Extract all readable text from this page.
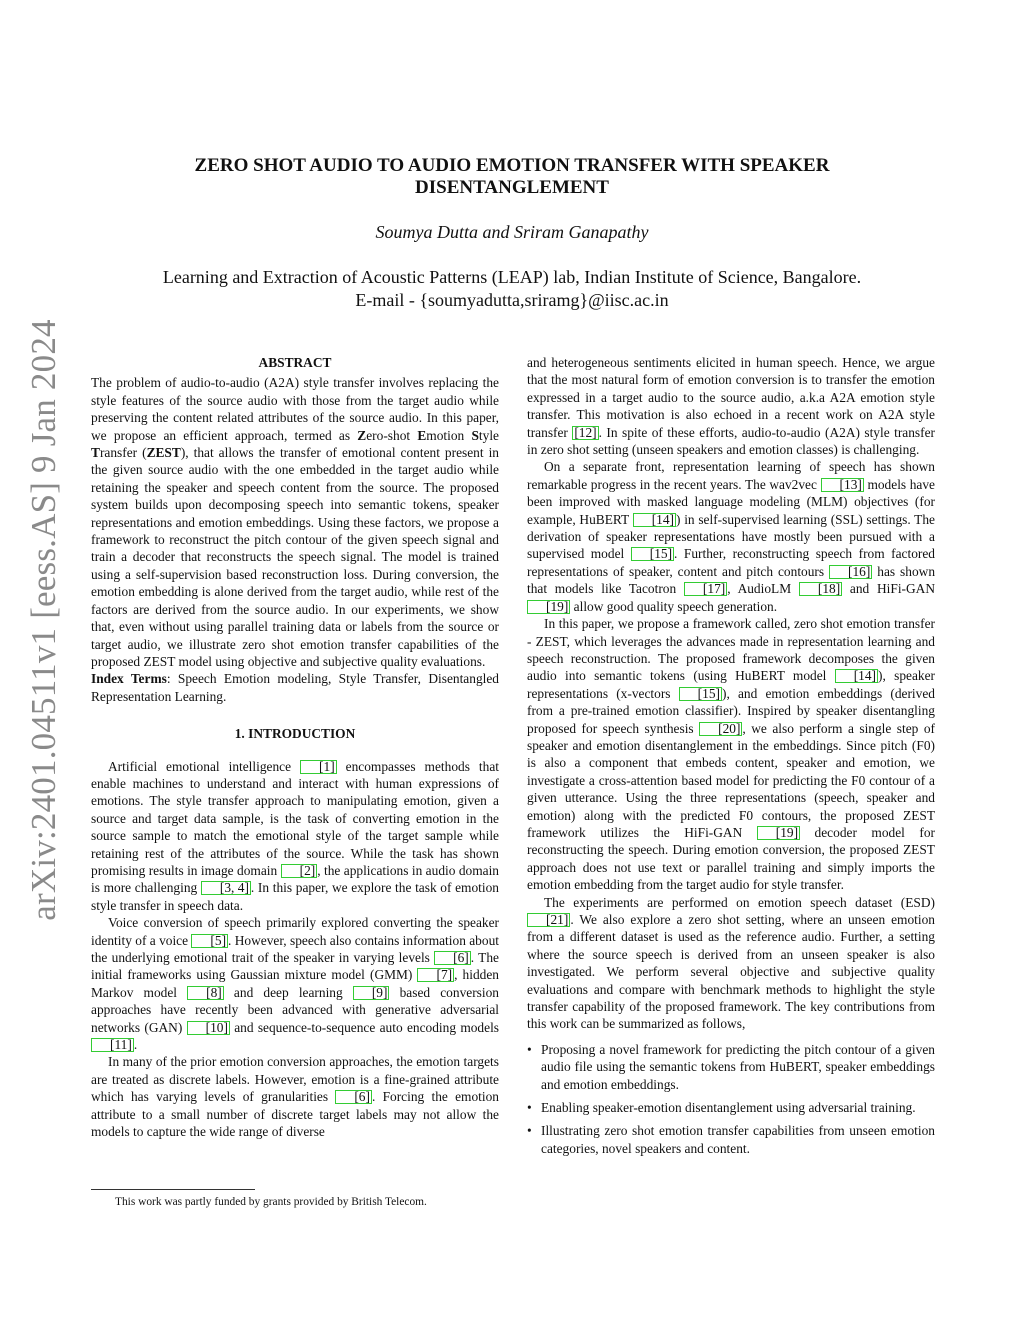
arXiv:2401.04511v1 [eess.AS] 9 Jan 2024
ZERO SHOT AUDIO TO AUDIO EMOTION TRANSFER WITH SPEAKER
DISENTANGLEMENT
Soumya Dutta and Sriram Ganapathy
Learning and Extraction of Acoustic Patterns (LEAP) lab, Indian Institute of Science, Bangalore.
E-mail - {soumyadutta,sriramg}@iisc.ac.in
ABSTRACT

The problem of audio-to-audio (A2A) style transfer involves replacing the style features of the source audio with those from the target audio while preserving the content related attributes of the source audio. In this paper, we propose an efficient approach, termed as Zero-shot Emotion Style Transfer (ZEST), that allows the transfer of emotional content present in the given source audio with the one embedded in the target audio while retaining the speaker and speech content from the source. The proposed system builds upon decomposing speech into semantic tokens, speaker representations and emotion embeddings. Using these factors, we propose a framework to reconstruct the pitch contour of the given speech signal and train a decoder that reconstructs the speech signal. The model is trained using a self-supervision based reconstruction loss. During conversion, the emotion embedding is alone derived from the target audio, while rest of the factors are derived from the source audio. In our experiments, we show that, even without using parallel training data or labels from the source or target audio, we illustrate zero shot emotion transfer capabilities of the proposed ZEST model using objective and subjective quality evaluations.

Index Terms: Speech Emotion modeling, Style Transfer, Disentangled Representation Learning.

1. INTRODUCTION

Artificial emotional intelligence [1] encompasses methods that enable machines to understand and interact with human expressions of emotions. The style transfer approach to manipulating emotion, given a source and target data sample, is the task of converting emotion in the source sample to match the emotional style of the target sample while retaining rest of the attributes of the source. While the task has shown promising results in image domain [2] , the applications in audio domain is more challenging [3, 4] . In this paper, we explore the task of emotion style transfer in speech data.

Voice conversion of speech primarily explored converting the speaker identity of a voice [5] . However, speech also contains information about the underlying emotional trait of the speaker in varying levels [6] . The initial frameworks using Gaussian mixture model (GMM) [7] , hidden Markov model [8] and deep learning [9] based conversion approaches have recently been advanced with generative adversarial networks (GAN) [10] and sequence-to-sequence auto encoding models [11] .

In many of the prior emotion conversion approaches, the emotion targets are treated as discrete labels. However, emotion is a fine-grained attribute which has varying levels of granularities [6] . Forcing the emotion attribute to a small number of discrete target labels may not allow the models to capture the wide range of diverse

and heterogeneous sentiments elicited in human speech. Hence, we argue that the most natural form of emotion conversion is to transfer the emotion expressed in a target audio to the source audio, a.k.a A2A emotion style transfer. This motivation is also echoed in a recent work on A2A style transfer [12] . In spite of these efforts, audio-to-audio (A2A) style transfer in zero shot setting (unseen speakers and emotion classes) is challenging.

On a separate front, representation learning of speech has shown remarkable progress in the recent years. The wav2vec [13] models have been improved with masked language modeling (MLM) objectives (for example, HuBERT [14] ) in self-supervised learning (SSL) settings. The derivation of speaker representations have mostly been pursued with a supervised model [15] . Further, reconstructing speech from factored representations of speaker, content and pitch contours [16] has shown that models like Tacotron [17] , AudioLM [18] and HiFi-GAN [19] allow good quality speech generation.

In this paper, we propose a framework called, zero shot emotion transfer - ZEST, which leverages the advances made in representation learning and speech reconstruction. The proposed framework decomposes the given audio into semantic tokens (using HuBERT model [14] ), speaker representations (x-vectors [15] ), and emotion embeddings (derived from a pre-trained emotion classifier). Inspired by speaker disentangling proposed for speech synthesis [20] , we also perform a single step of speaker and emotion disentanglement in the embeddings. Since pitch (F0) is also a component that embeds content, speaker and emotion, we investigate a cross-attention based model for predicting the F0 contour of a given utterance. Using the three representations (speech, speaker and emotion) along with the predicted F0 contours, the proposed ZEST framework utilizes the HiFi-GAN [19] decoder model for reconstructing the speech. During emotion conversion, the proposed ZEST approach does not use text or parallel training and simply imports the emotion embedding from the target audio for style transfer.

The experiments are performed on emotion speech dataset (ESD) [21] . We also explore a zero shot setting, where an unseen emotion from a different dataset is used as the reference audio. Further, a setting where the source speech is derived from an unseen speaker is also investigated. We perform several objective and subjective quality evaluations and compare with benchmark methods to highlight the style transfer capability of the proposed framework. The key contributions from this work can be summarized as follows,

• Proposing a novel framework for predicting the pitch contour of a given audio file using the semantic tokens from HuBERT, speaker embeddings and emotion embeddings.
• Enabling speaker-emotion disentanglement using adversarial training.
• Illustrating zero shot emotion transfer capabilities from unseen emotion categories, novel speakers and content.
This work was partly funded by grants provided by British Telecom.
